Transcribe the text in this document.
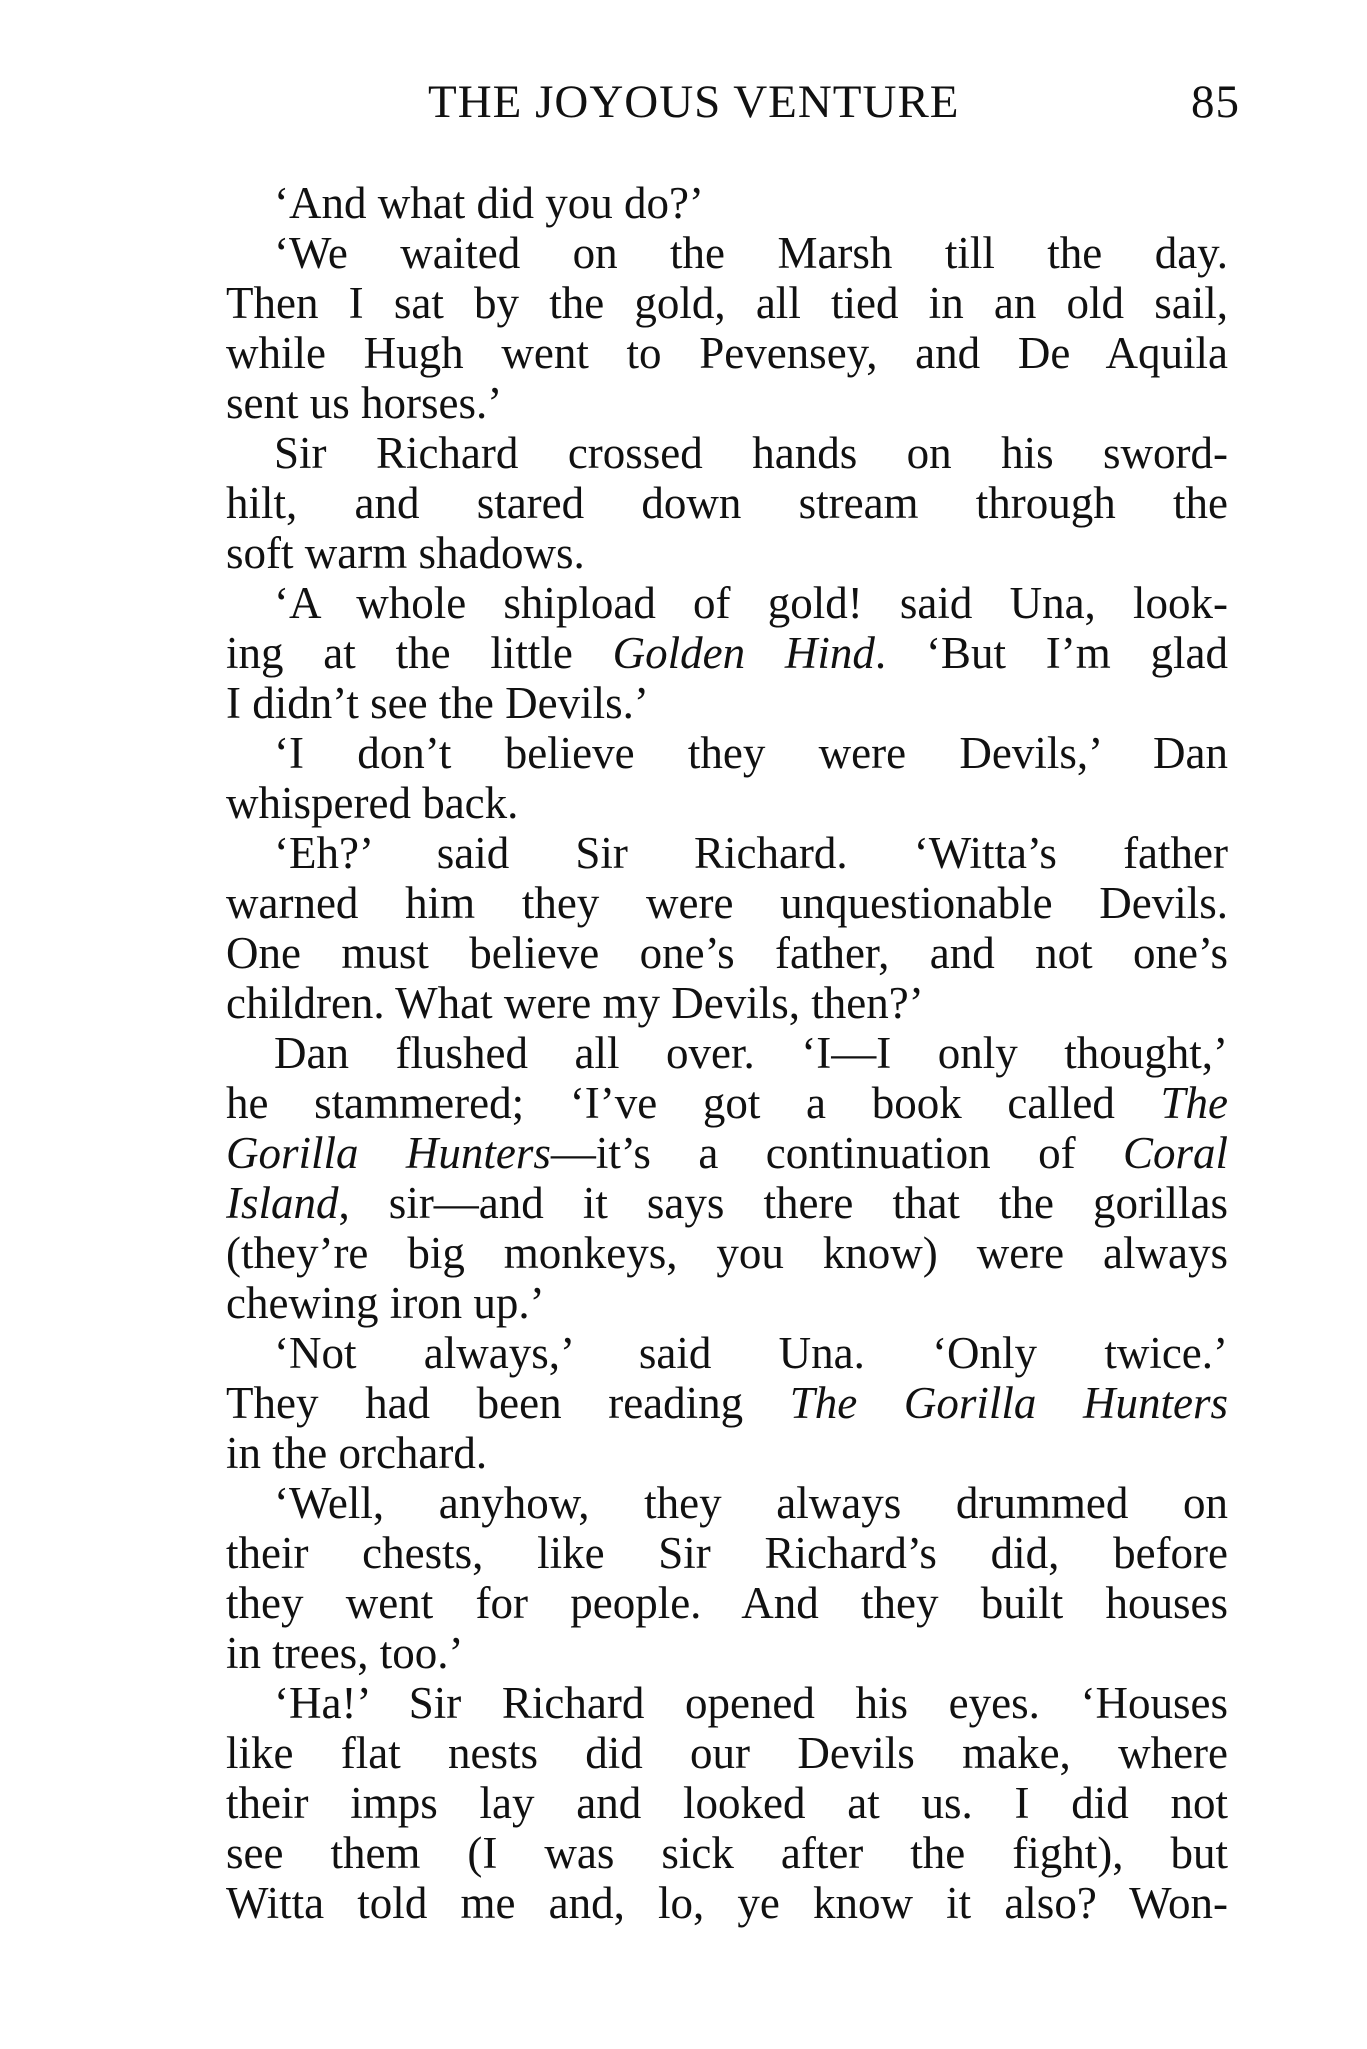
THE JOYOUS VENTURE	85
‘And what did you do?’
‘We waited on the Marsh till the day.
Then I sat by the gold, all tied in an old sail,
while Hugh went to Pevensey, and De Aquila
sent us horses.’
Sir Richard crossed hands on his sword-
hilt, and stared down stream through the
soft warm shadows.
‘A whole shipload of gold! said Una, look-
ing at the little Golden Hind. ‘But I’m glad
I didn’t see the Devils.’
‘I don’t believe they were Devils,’ Dan
whispered back.
‘Eh?’ said Sir Richard. ‘Witta’s father
warned him they were unquestionable Devils.
One must believe one’s father, and not one’s
children. What were my Devils, then?’
Dan flushed all over. ‘I—I only thought,’
he stammered; ‘I’ve got a book called The
Gorilla Hunters—it’s a continuation of Coral
Island, sir—and it says there that the gorillas
(they’re big monkeys, you know) were always
chewing iron up.’
‘Not always,’ said Una. ‘Only twice.’
They had been reading The Gorilla Hunters
in the orchard.
‘Well, anyhow, they always drummed on
their chests, like Sir Richard’s did, before
they went for people. And they built houses
in trees, too.’
‘Ha!’ Sir Richard opened his eyes. ‘Houses
like flat nests did our Devils make, where
their imps lay and looked at us. I did not
see them (I was sick after the fight), but
Witta told me and, lo, ye know it also? Won-
